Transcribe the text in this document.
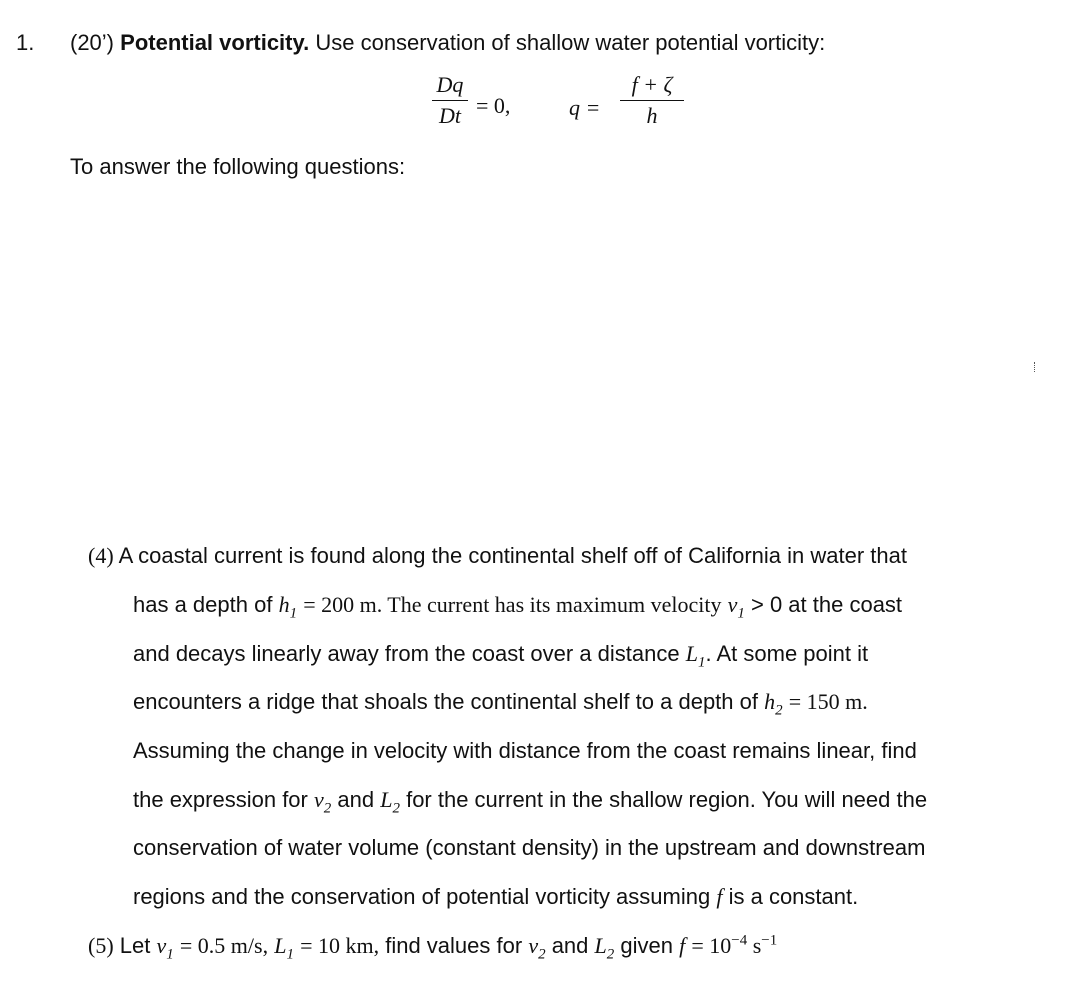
1. (20’) Potential vorticity. Use conservation of shallow water potential vorticity:
Dq
Dt = 0,	q =
f + ζ
h
To answer the following questions:
(4) A coastal current is found along the continental shelf off of California in water that
has a depth of $h_1 = 200$ m. The current has its maximum velocity $v_1 > 0$ at the coast
and decays linearly away from the coast over a distance $L_1$. At some point it
encounters a ridge that shoals the continental shelf to a depth of $h_2 = 150$ m.
Assuming the change in velocity with distance from the coast remains linear, find
the expression for $v_2$ and $L_2$ for the current in the shallow region. You will need the
conservation of water volume (constant density) in the upstream and downstream
regions and the conservation of potential vorticity assuming f is a constant.
(5) Let $v_1 = 0.5$ m/s, $L_1 = 10$ km, find values for $v_2$ and $L_2$ given $f = 10^{-4}$ $s^{-1}$
